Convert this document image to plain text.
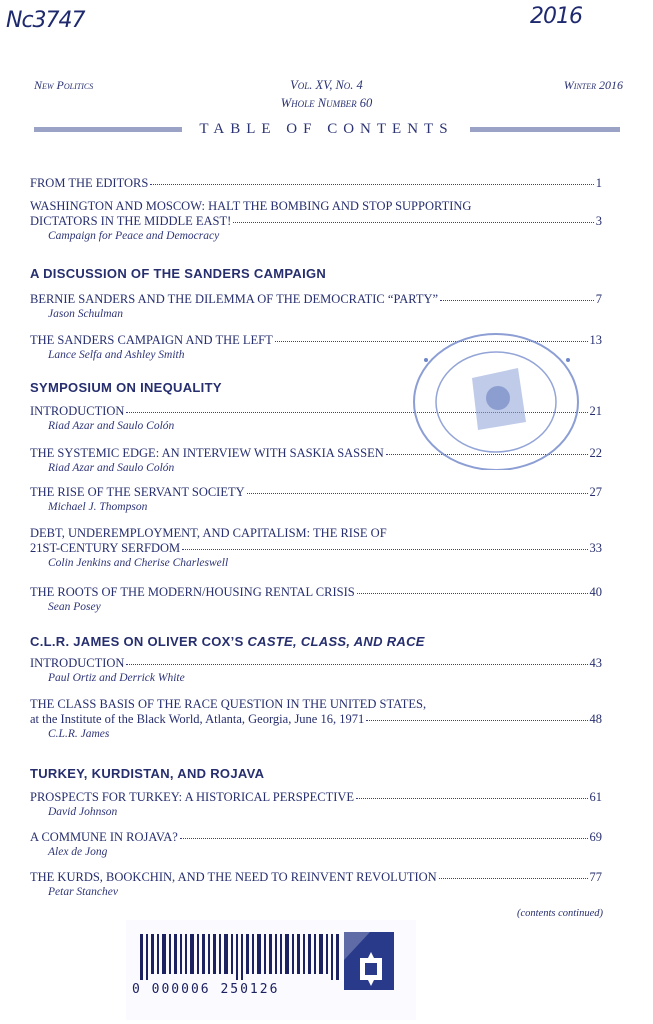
Nc3747	2016
New Politics	Vol. XV, No. 4
Whole Number 60
Winter 2016
TABLE OF CONTENTS
FROM THE EDITORS	1
WASHINGTON AND MOSCOW: HALT THE BOMBING AND STOP SUPPORTING
DICTATORS IN THE MIDDLE EAST!	3
Campaign for Peace and Democracy
A DISCUSSION OF THE SANDERS CAMPAIGN
BERNIE SANDERS AND THE DILEMMA OF THE DEMOCRATIC “PARTY”	7
Jason Schulman
THE SANDERS CAMPAIGN AND THE LEFT	13
Lance Selfa and Ashley Smith
SYMPOSIUM ON INEQUALITY
INTRODUCTION	21
Riad Azar and Saulo Colón
THE SYSTEMIC EDGE: AN INTERVIEW WITH SASKIA SASSEN	22
Riad Azar and Saulo Colón
THE RISE OF THE SERVANT SOCIETY	27
Michael J. Thompson
DEBT, UNDEREMPLOYMENT, AND CAPITALISM: THE RISE OF
21ST-CENTURY SERFDOM	33
Colin Jenkins and Cherise Charleswell
THE ROOTS OF THE MODERN/HOUSING RENTAL CRISIS	40
Sean Posey
C.L.R. JAMES ON OLIVER COX’S CASTE, CLASS, AND RACE
INTRODUCTION	43
Paul Ortiz and Derrick White
THE CLASS BASIS OF THE RACE QUESTION IN THE UNITED STATES,
at the Institute of the Black World, Atlanta, Georgia, June 16, 1971	48
C.L.R. James
TURKEY, KURDISTAN, AND ROJAVA
PROSPECTS FOR TURKEY: A HISTORICAL PERSPECTIVE	61
David Johnson
A COMMUNE IN ROJAVA?	69
Alex de Jong
THE KURDS, BOOKCHIN, AND THE NEED TO REINVENT REVOLUTION	77
Petar Stanchev
(contents continued)
0 000006 250126
